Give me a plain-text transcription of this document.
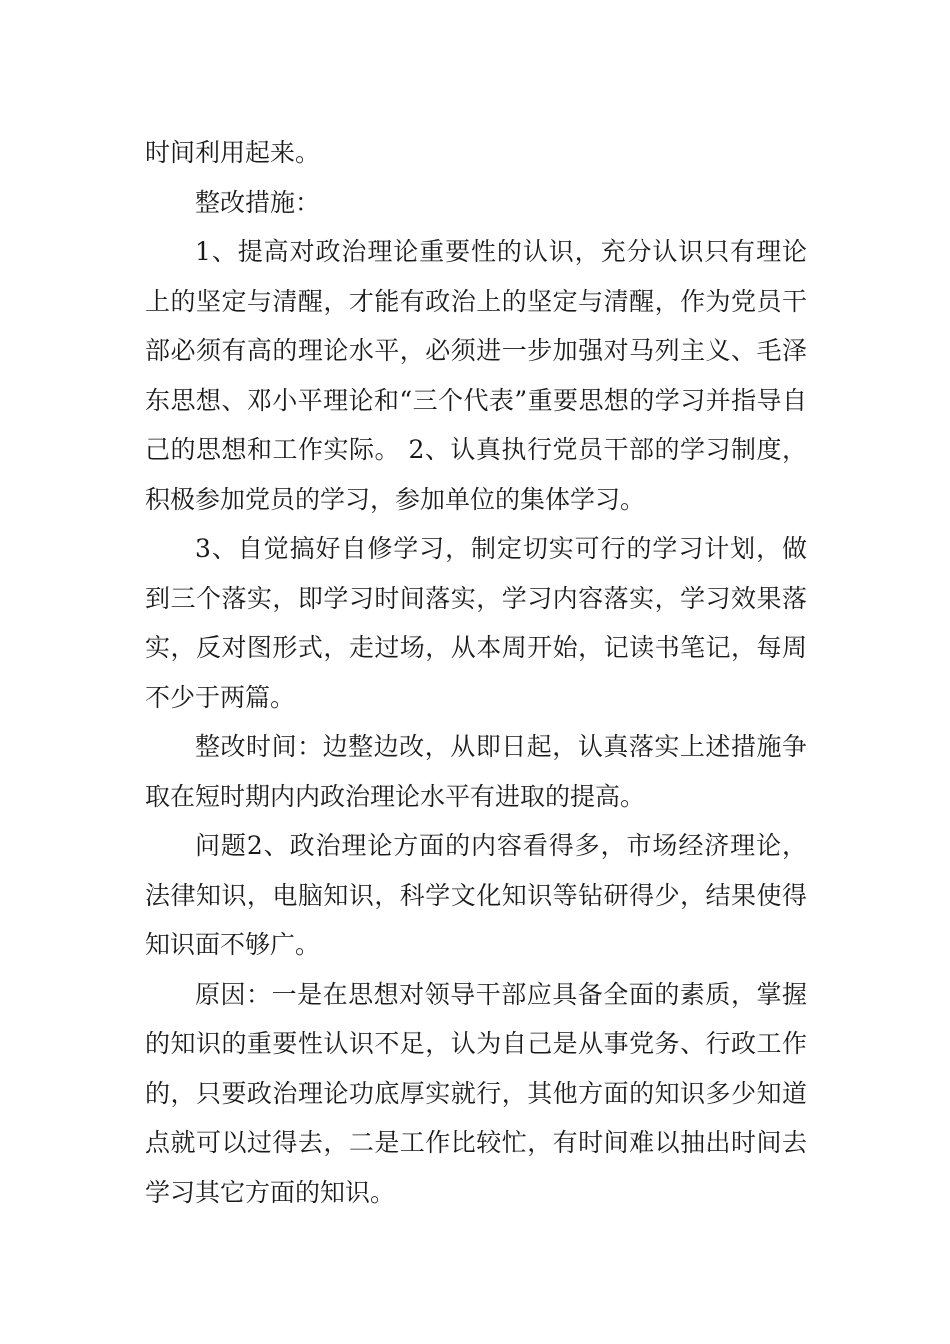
时间利用起来。

整改措施：

1、提高对政治理论重要性的认识，充分认识只有理论上的坚定与清醒，才能有政治上的坚定与清醒，作为党员干部必须有高的理论水平，必须进一步加强对马列主义、毛泽东思想、邓小平理论和“三个代表”重要思想的学习并指导自己的思想和工作实际。 2、认真执行党员干部的学习制度，积极参加党员的学习，参加单位的集体学习。

3、自觉搞好自修学习，制定切实可行的学习计划，做到三个落实，即学习时间落实，学习内容落实，学习效果落实，反对图形式，走过场，从本周开始，记读书笔记，每周不少于两篇。

整改时间：边整边改，从即日起，认真落实上述措施争取在短时期内内政治理论水平有进取的提高。

问题2、政治理论方面的内容看得多，市场经济理论，法律知识，电脑知识，科学文化知识等钻研得少，结果使得知识面不够广。

原因：一是在思想对领导干部应具备全面的素质，掌握的知识的重要性认识不足，认为自己是从事党务、行政工作的，只要政治理论功底厚实就行，其他方面的知识多少知道点就可以过得去，二是工作比较忙，有时间难以抽出时间去学习其它方面的知识。
